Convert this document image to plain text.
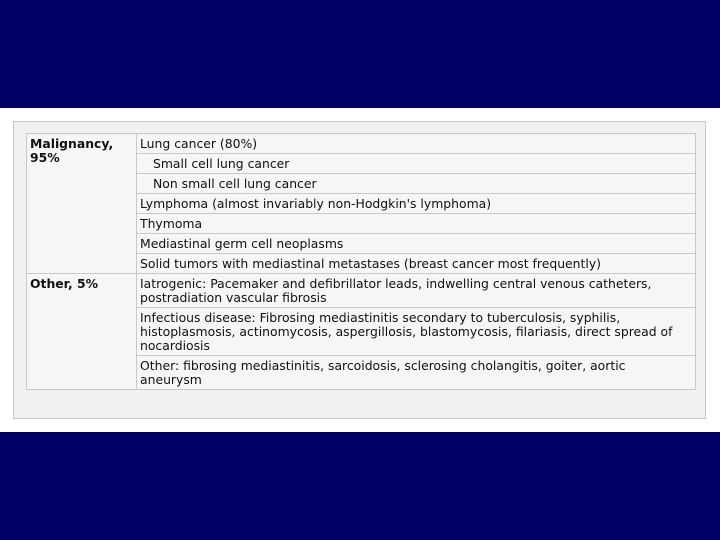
Malignancy,
95%	Lung cancer (80%)
	Small cell lung cancer
	Non small cell lung cancer
	Lymphoma (almost invariably non-Hodgkin's lymphoma)
	Thymoma
	Mediastinal germ cell neoplasms
	Solid tumors with mediastinal metastases (breast cancer most frequently)

Other, 5%	Iatrogenic: Pacemaker and defibrillator leads, indwelling central venous catheters,
postradiation vascular fibrosis

	Infectious disease: Fibrosing mediastinitis secondary to tuberculosis, syphilis,
histoplasmosis, actinomycosis, aspergillosis, blastomycosis, filariasis, direct spread of
nocardiosis

	Other: fibrosing mediastinitis, sarcoidosis, sclerosing cholangitis, goiter, aortic
aneurysm
